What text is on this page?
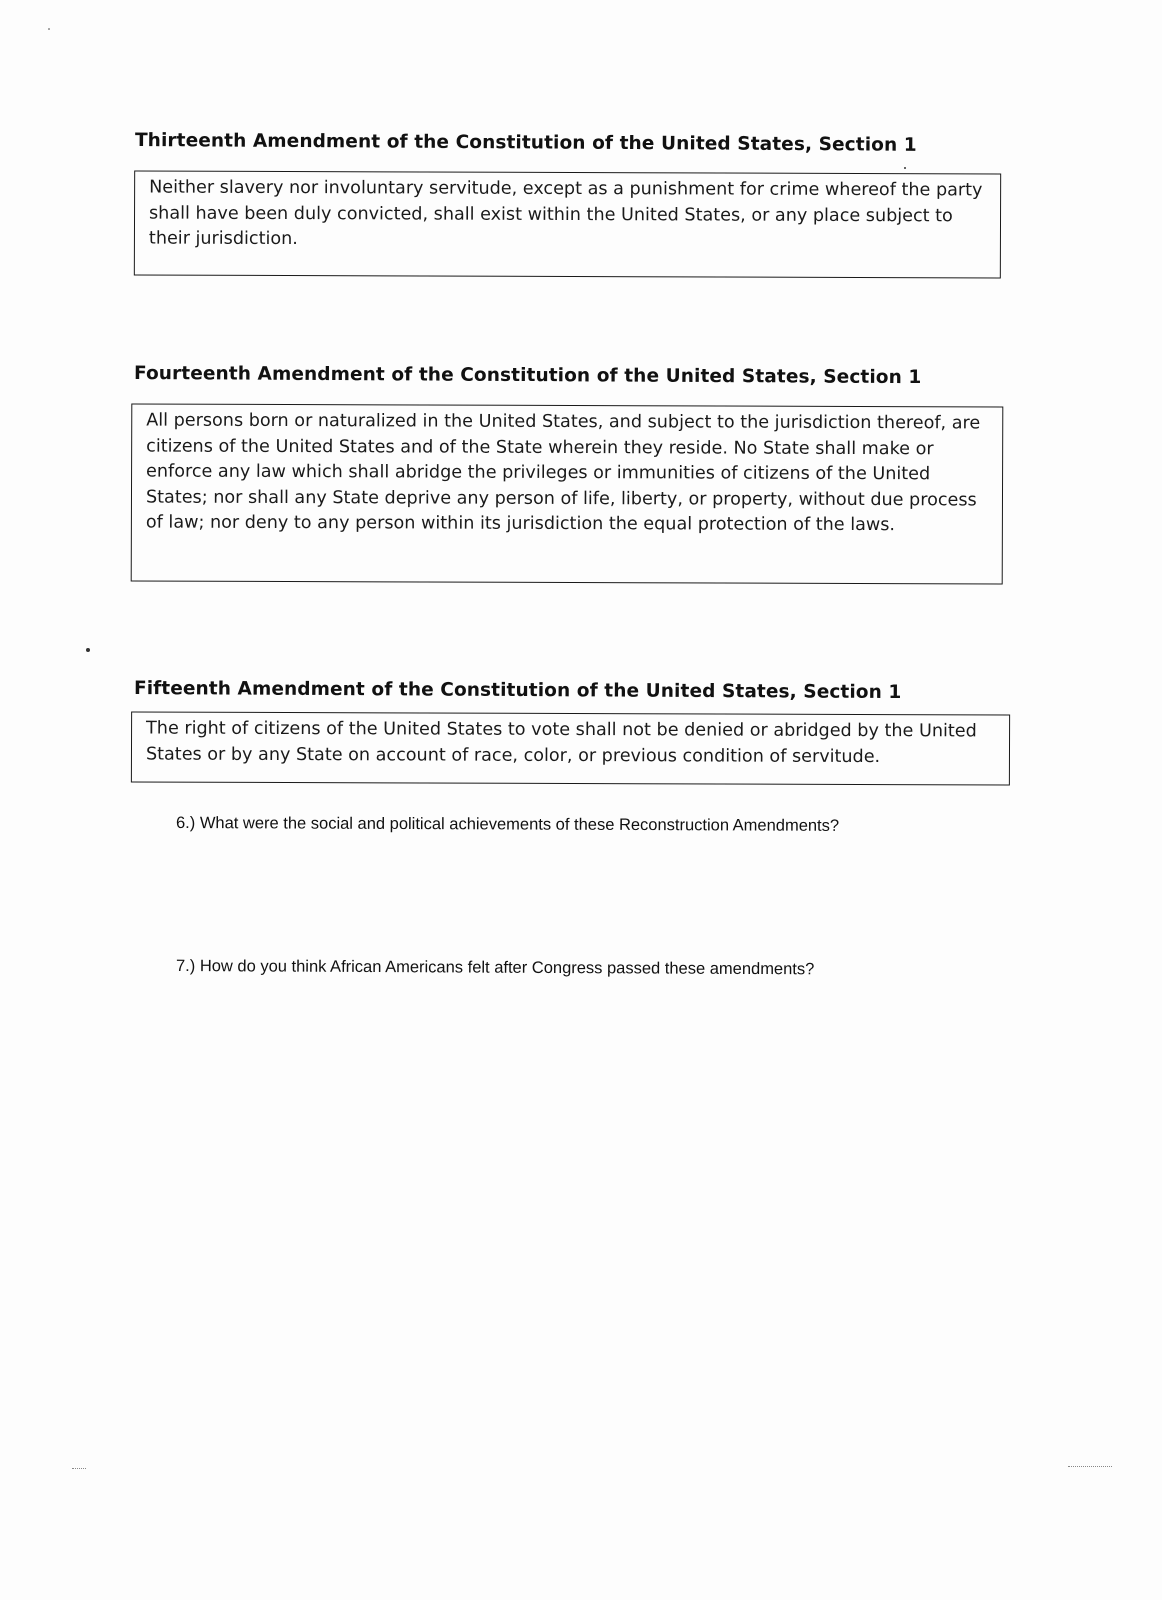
Thirteenth Amendment of the Constitution of the United States, Section 1

Neither slavery nor involuntary servitude, except as a punishment for crime whereof the party shall have been duly convicted, shall exist within the United States, or any place subject to their jurisdiction.

Fourteenth Amendment of the Constitution of the United States, Section 1

All persons born or naturalized in the United States, and subject to the jurisdiction thereof, are citizens of the United States and of the State wherein they reside. No State shall make or enforce any law which shall abridge the privileges or immunities of citizens of the United States; nor shall any State deprive any person of life, liberty, or property, without due process of law; nor deny to any person within its jurisdiction the equal protection of the laws.

Fifteenth Amendment of the Constitution of the United States, Section 1

The right of citizens of the United States to vote shall not be denied or abridged by the United States or by any State on account of race, color, or previous condition of servitude.

6.) What were the social and political achievements of these Reconstruction Amendments?
7.) How do you think African Americans felt after Congress passed these amendments?
